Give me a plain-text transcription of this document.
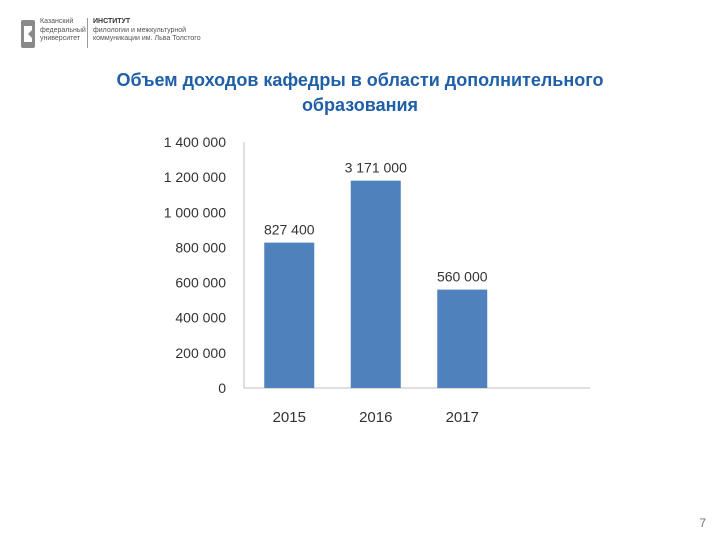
Казанский
федеральный
университет
ИНСТИТУТ
филологии и межкультурной
коммуникации им. Льва Толстого
Объем доходов кафедры в области дополнительного
образования
0
200 000
400 000
600 000
800 000
1 000 000
1 200 000
1 400 000
827 400
2015
3 171 000
2016
560 000
2017
7
